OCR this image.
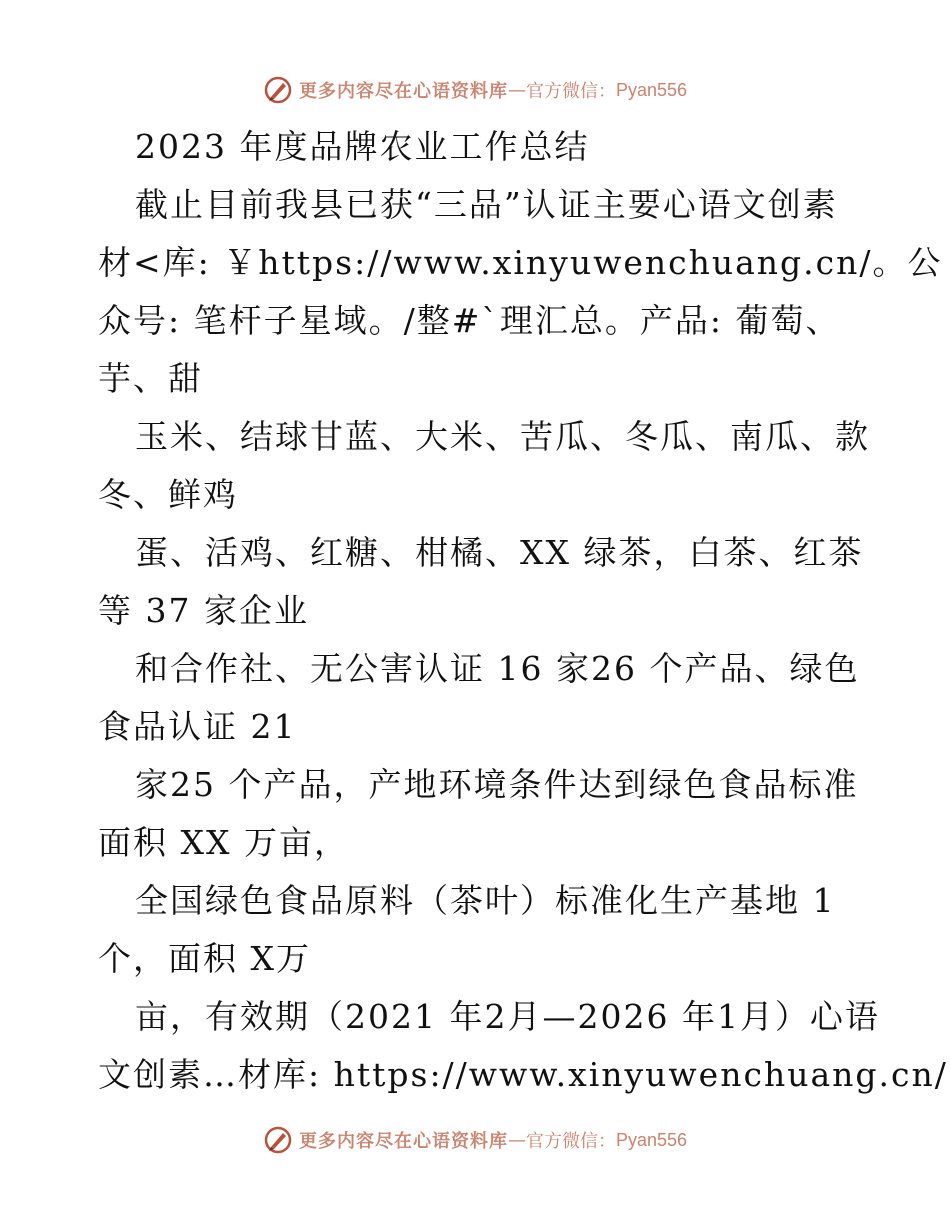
更多内容尽在心语资料库 — 官方微信： Pyan556

2023 年度品牌农业工作总结

截止目前我县已获“三品”认证主要心语文创素

材<库: ￥https://www.xinyuwenchuang.cn/。公

众号: 笔杆子星域。/整#`理汇总。产品: 葡萄、

芋、甜

玉米、结球甘蓝、大米、苦瓜、冬瓜、南瓜、款

冬、鲜鸡

蛋、活鸡、红糖、柑橘、XX 绿茶，白茶、红茶

等 37 家企业

和合作社、无公害认证 16 家26 个产品、绿色

食品认证 21

家25 个产品，产地环境条件达到绿色食品标准

面积 XX 万亩，

全国绿色食品原料（茶叶）标准化生产基地 1

个，面积 X万

亩，有效期（2021 年2月—2026 年1月）心语

文创素…材库: https://www.xinyuwenchuang.cn/

更多内容尽在心语资料库 — 官方微信： Pyan556
